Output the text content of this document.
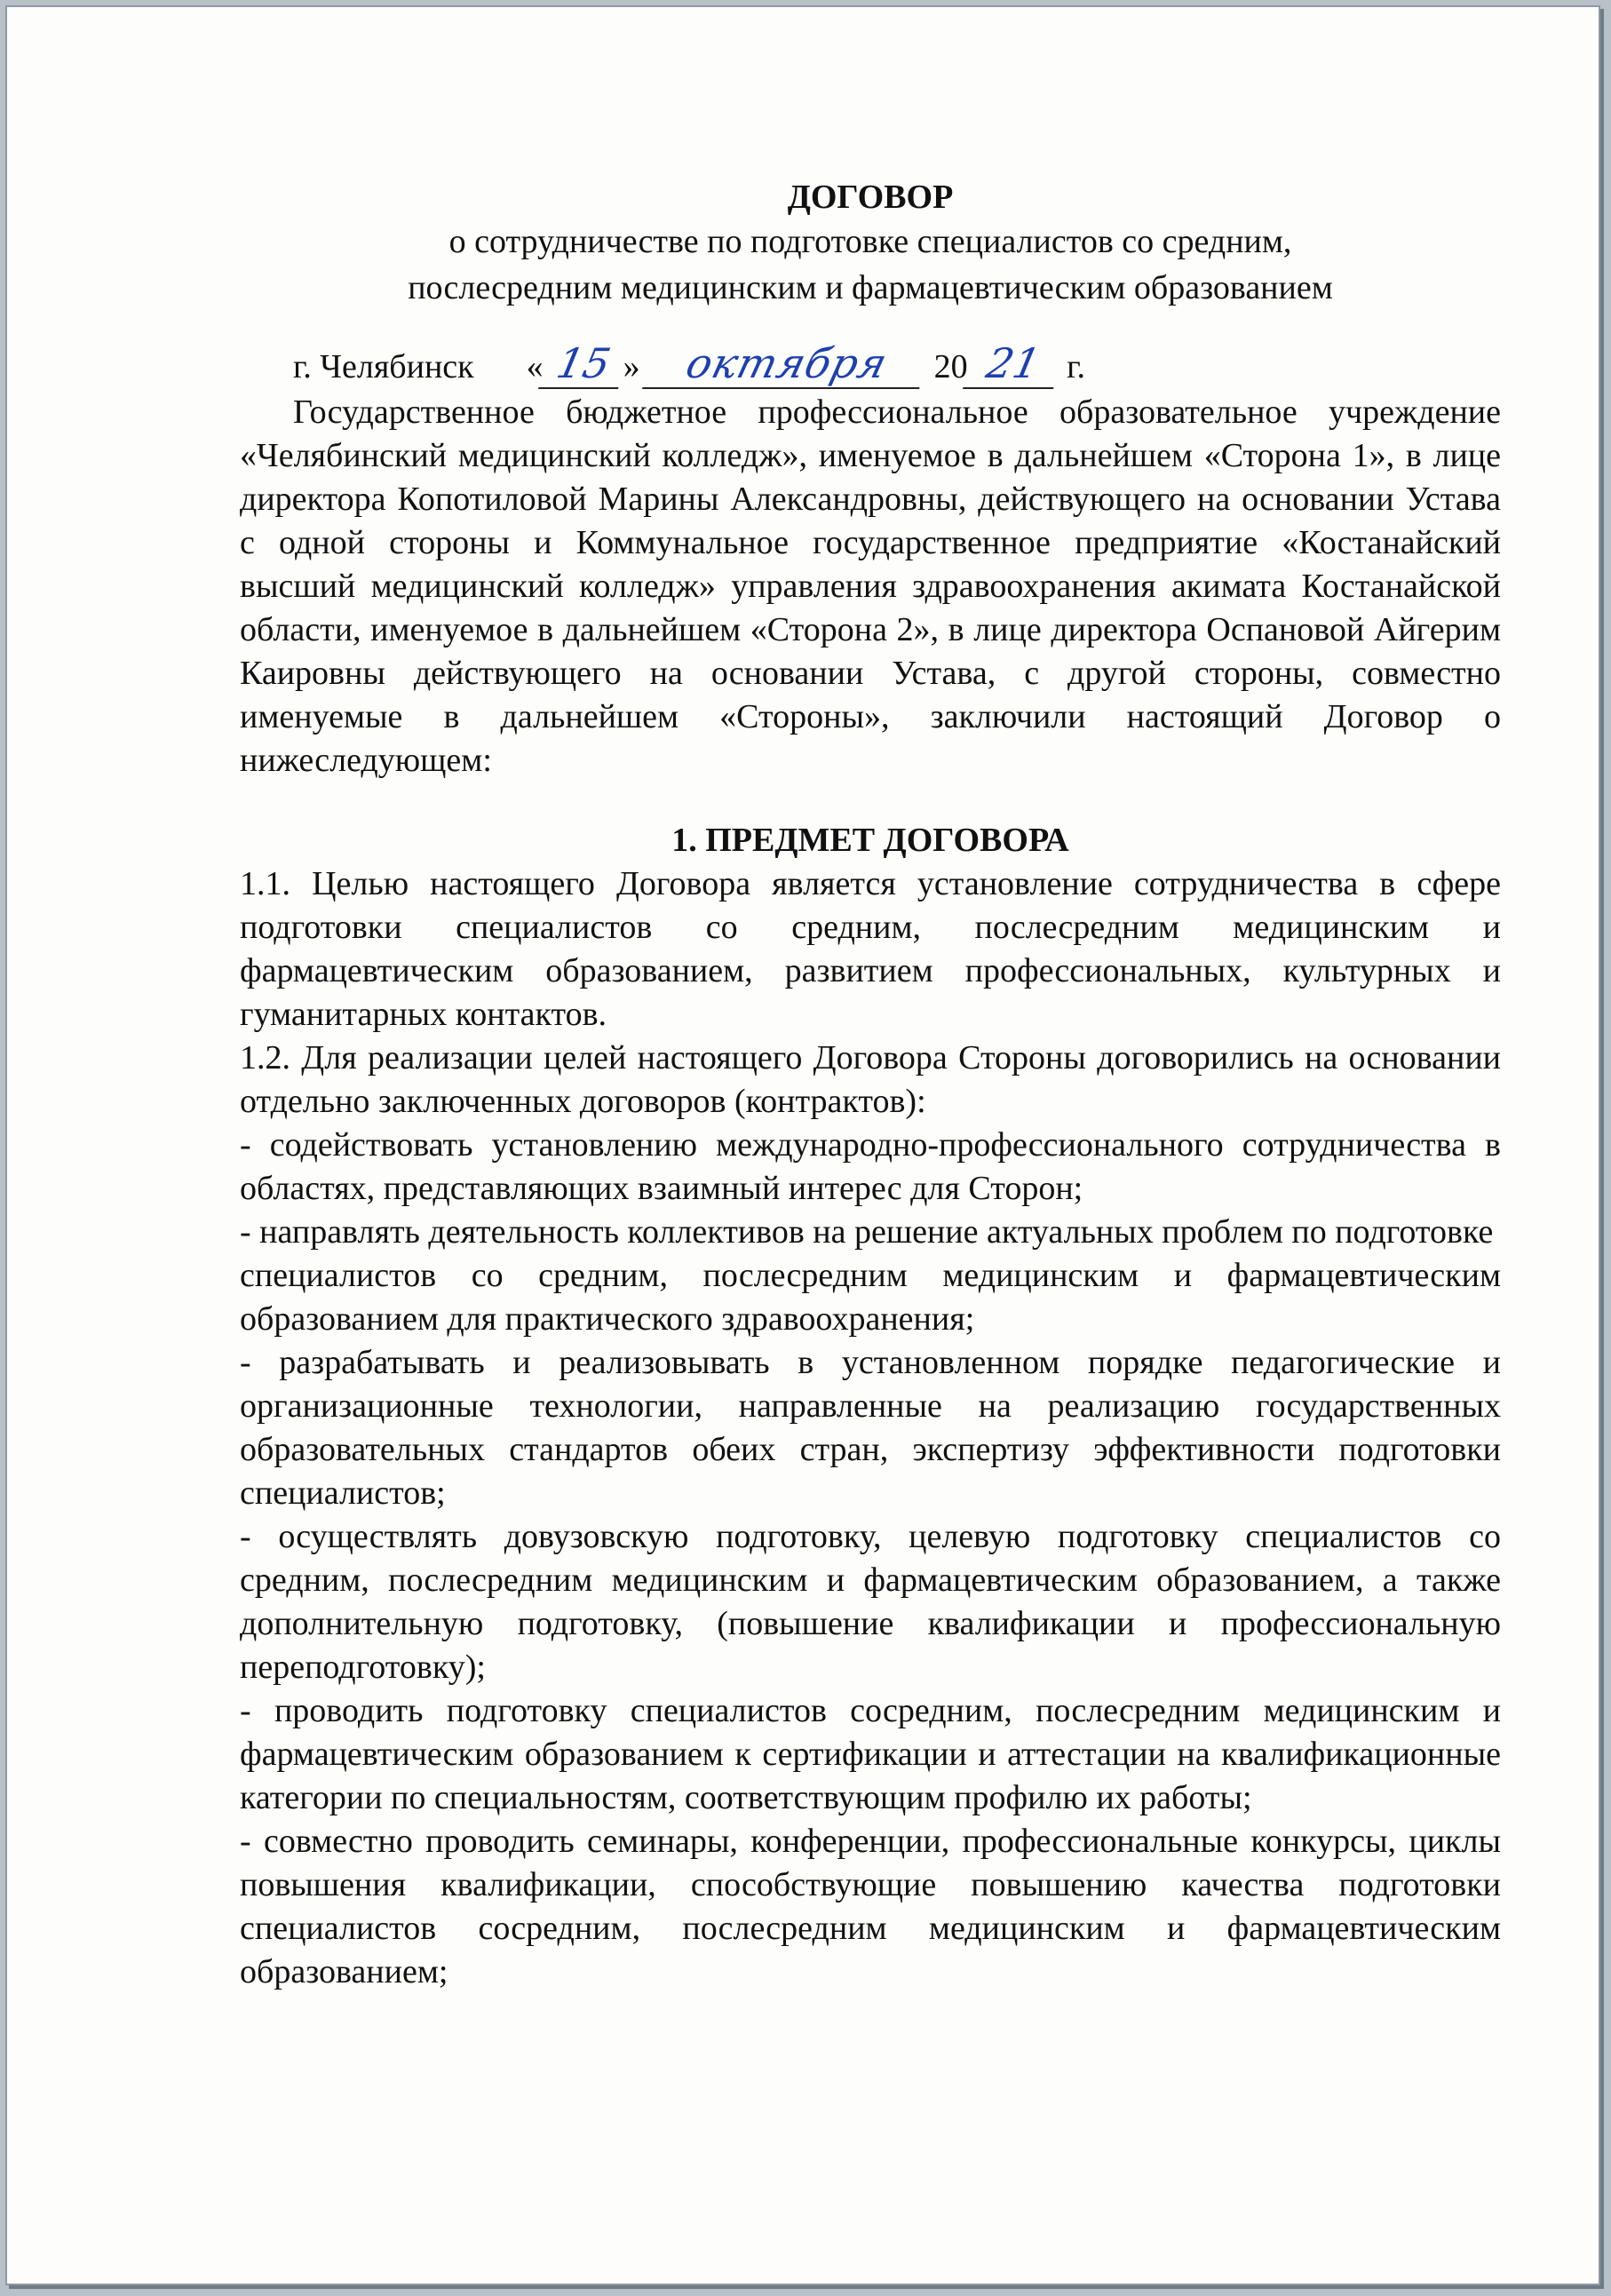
ДОГОВОР
о сотрудничестве по подготовке специалистов со средним,
послесредним медицинским и фармацевтическим образованием
г. Челябинск « 15 » октября 20 21 г.

Государственное бюджетное профессиональное образовательное учреждение «Челябинский медицинский колледж», именуемое в дальнейшем «Сторона 1», в лице директора Копотиловой Марины Александровны, действующего на основании Устава с одной стороны и Коммунальное государственное предприятие «Костанайский высший медицинский колледж» управления здравоохранения акимата Костанайской области, именуемое в дальнейшем «Сторона 2», в лице директора Оспановой Айгерим Каировны действующего на основании Устава, с другой стороны, совместно именуемые в дальнейшем «Стороны», заключили настоящий Договор о нижеследующем:

1. ПРЕДМЕТ ДОГОВОРА

1.1. Целью настоящего Договора является установление сотрудничества в сфере подготовки специалистов со средним, послесредним медицинским и фармацевтическим образованием, развитием профессиональных, культурных и гуманитарных контактов.

1.2. Для реализации целей настоящего Договора Стороны договорились на основании отдельно заключенных договоров (контрактов):

- содействовать установлению международно-профессионального сотрудничества в областях, представляющих взаимный интерес для Сторон;

- направлять деятельность коллективов на решение актуальных проблем по подготовке

специалистов со средним, послесредним медицинским и фармацевтическим образованием для практического здравоохранения;

- разрабатывать и реализовывать в установленном порядке педагогические и организационные технологии, направленные на реализацию государственных образовательных стандартов обеих стран, экспертизу эффективности подготовки специалистов;

- осуществлять довузовскую подготовку, целевую подготовку специалистов со средним, послесредним медицинским и фармацевтическим образованием, а также дополнительную подготовку, (повышение квалификации и профессиональную переподготовку);

- проводить подготовку специалистов сосредним, послесредним медицинским и фармацевтическим образованием к сертификации и аттестации на квалификационные категории по специальностям, соответствующим профилю их работы;

- совместно проводить семинары, конференции, профессиональные конкурсы, циклы повышения квалификации, способствующие повышению качества подготовки специалистов сосредним, послесредним медицинским и фармацевтическим образованием;
